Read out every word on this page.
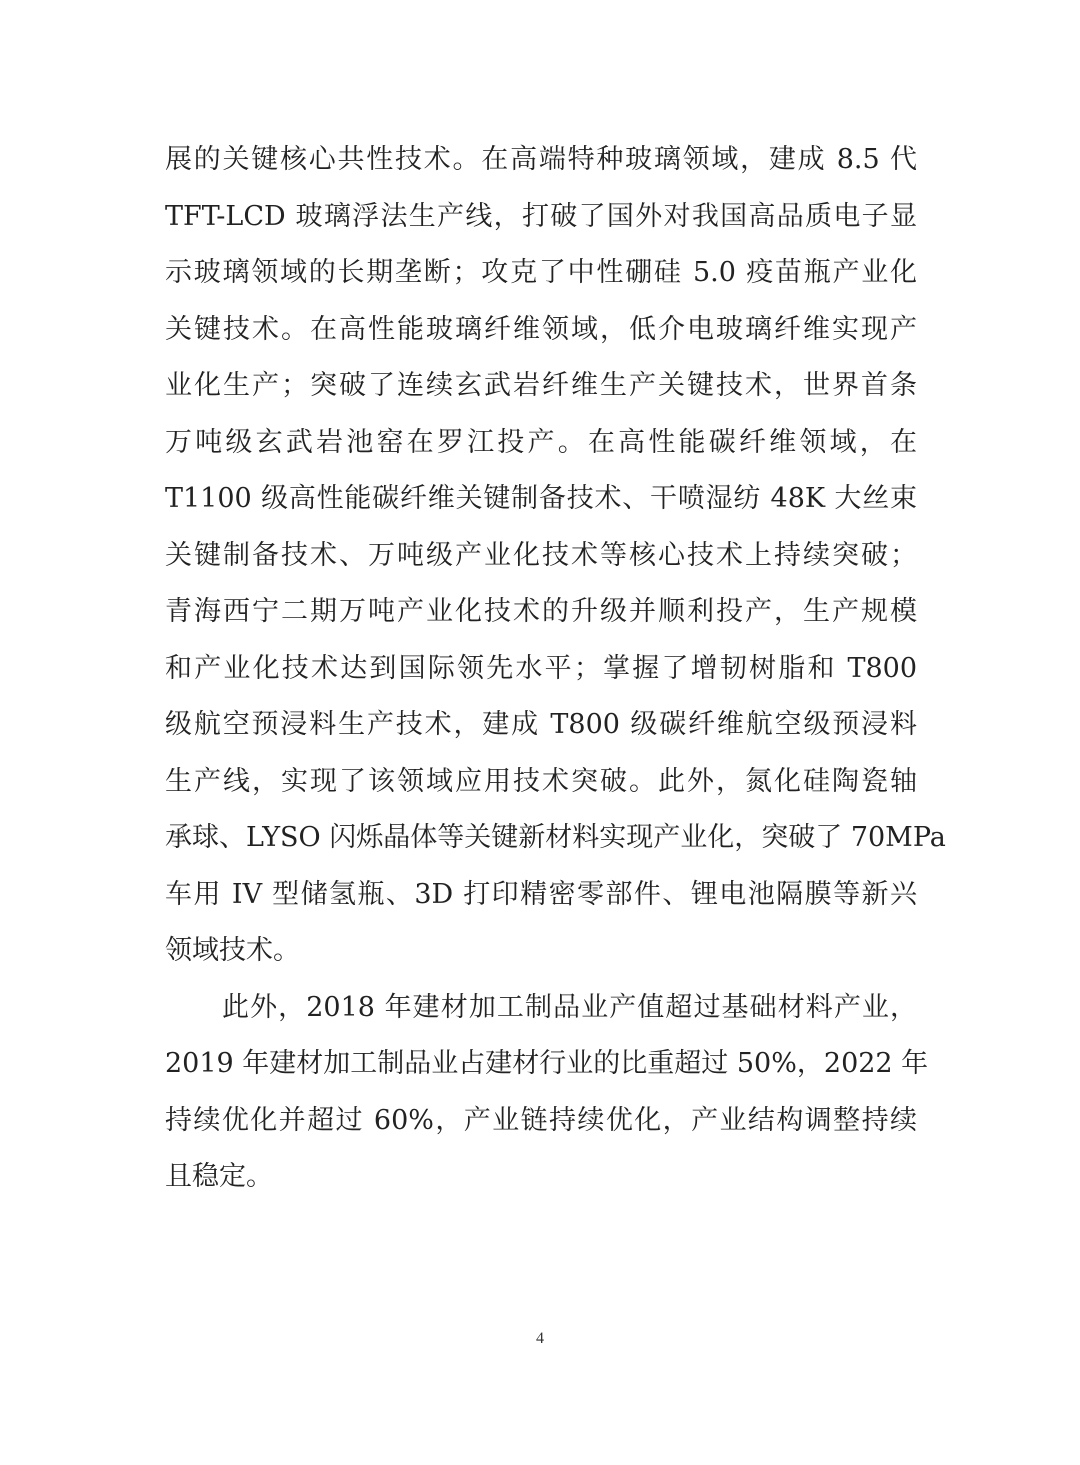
展的关键核心共性技术。在高端特种玻璃领域，建成 8.5 代
TFT-LCD 玻璃浮法生产线，打破了国外对我国高品质电子显
示玻璃领域的长期垄断；攻克了中性硼硅 5.0 疫苗瓶产业化
关键技术。在高性能玻璃纤维领域，低介电玻璃纤维实现产
业化生产；突破了连续玄武岩纤维生产关键技术，世界首条
万吨级玄武岩池窑在罗江投产。在高性能碳纤维领域，在
T1100 级高性能碳纤维关键制备技术、干喷湿纺 48K 大丝束
关键制备技术、万吨级产业化技术等核心技术上持续突破；
青海西宁二期万吨产业化技术的升级并顺利投产，生产规模
和产业化技术达到国际领先水平；掌握了增韧树脂和 T800
级航空预浸料生产技术，建成 T800 级碳纤维航空级预浸料
生产线，实现了该领域应用技术突破。此外，氮化硅陶瓷轴
承球、LYSO 闪烁晶体等关键新材料实现产业化，突破了 70MPa
车用 IV 型储氢瓶、3D 打印精密零部件、锂电池隔膜等新兴
领域技术。
此外，2018 年建材加工制品业产值超过基础材料产业，
2019 年建材加工制品业占建材行业的比重超过 50%，2022 年
持续优化并超过 60%，产业链持续优化，产业结构调整持续
且稳定。
4
